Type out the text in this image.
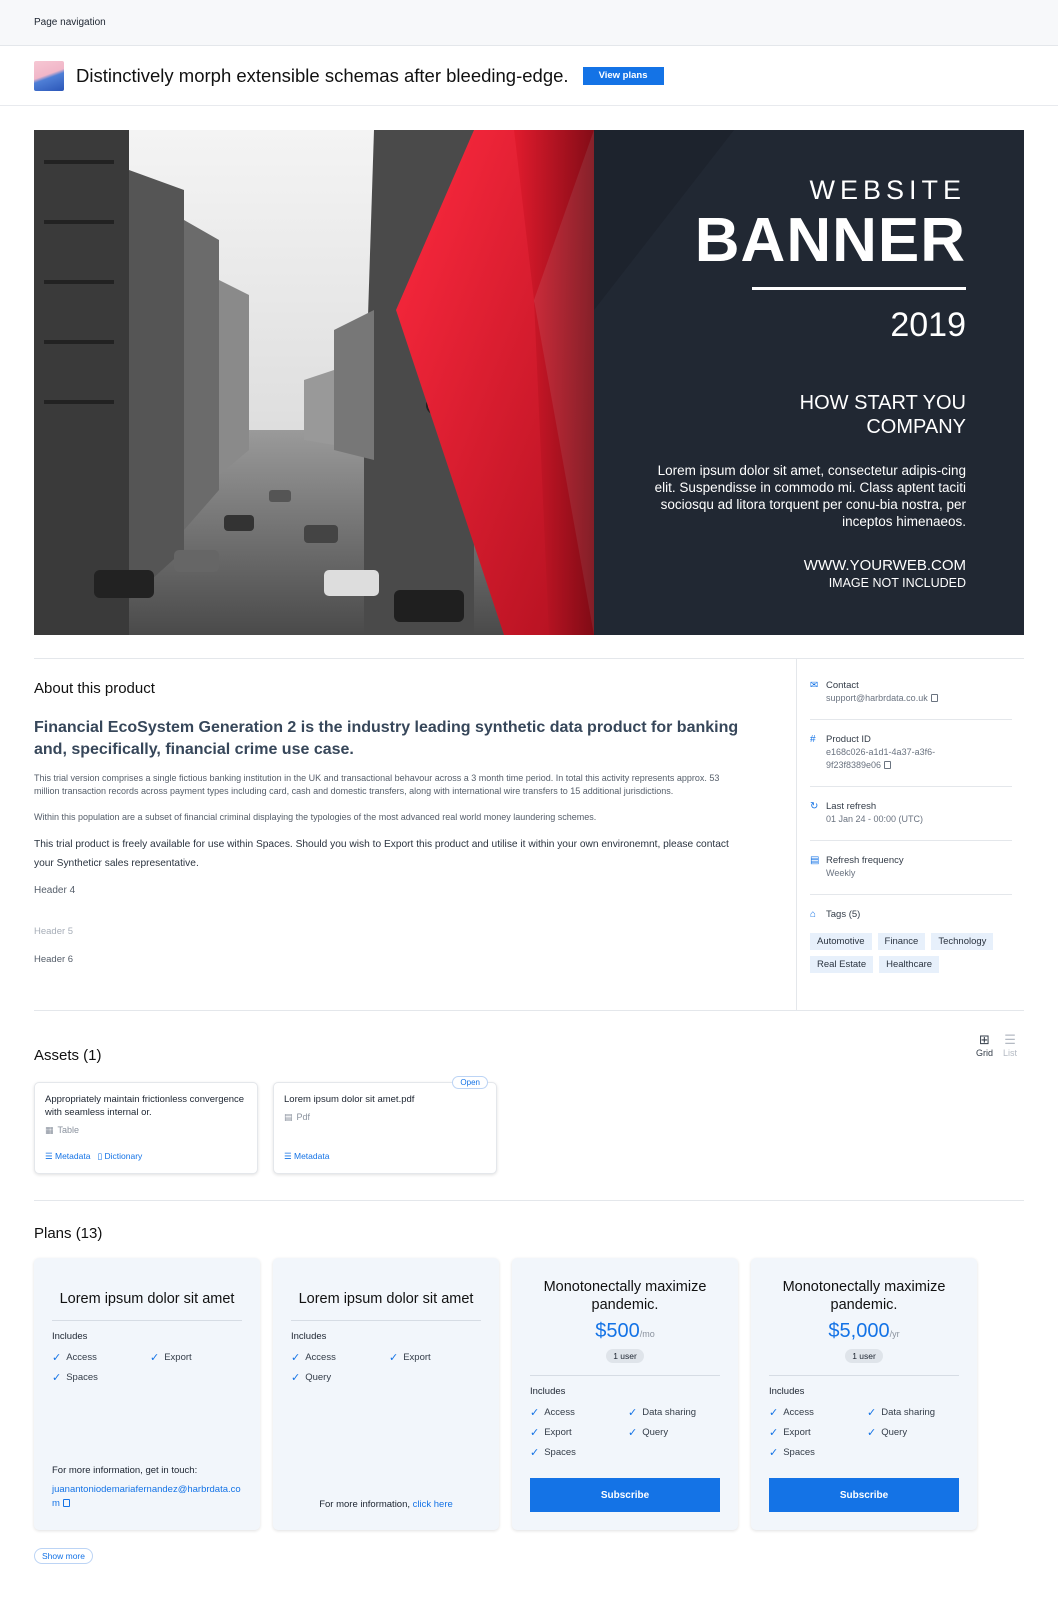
Page navigation
Distinctively morph extensible schemas after bleeding-edge.	View plans
WEBSITE
BANNER
2019
HOW START YOU COMPANY
Lorem ipsum dolor sit amet, consectetur adipis-cing elit. Suspendisse in commodo mi. Class aptent taciti sociosqu ad litora torquent per conu-bia nostra, per inceptos himenaeos.
WWW.YOURWEB.COM
IMAGE NOT INCLUDED
About this product
Financial EcoSystem Generation 2 is the industry leading synthetic data product for banking and, specifically, financial crime use case.
This trial version comprises a single fictious banking institution in the UK and transactional behavour across a 3 month time period. In total this activity represents approx. 53 million transaction records across payment types including card, cash and domestic transfers, along with international wire transfers to 15 additional jurisdictions.
Within this population are a subset of financial criminal displaying the typologies of the most advanced real world money laundering schemes.
This trial product is freely available for use within Spaces. Should you wish to Export this product and utilise it within your own environemnt, please contact your Syntheticr sales representative.
Header 4
Header 5
Header 6
✉ Contact
support@harbrdata.co.uk
#	Product ID
e168c026-a1d1-4a37-a3f6-9f23f8389e06
↻ Last refresh
01 Jan 24 - 00:00 (UTC)
▤ Refresh frequency
Weekly
⌂	Tags (5)
Automotive	Finance	Technology
Real Estate	Healthcare
Assets (1)
⊞
Grid
☰
List
Appropriately maintain frictionless convergence with seamless internal or.
▦ Table
☰ Metadata ▯ Dictionary
Open
Lorem ipsum dolor sit amet.pdf
▤ Pdf
☰ Metadata
Plans (13)
Lorem ipsum dolor sit amet
Includes
✓ Access	✓ Export
✓ Spaces
For more information, get in touch:
juanantoniodemariafernandez@harbrdata.com
Lorem ipsum dolor sit amet
Includes
✓ Access	✓ Export
✓ Query
For more information, click here
Monotonectally maximize pandemic.
$500/mo
1 user
Includes
✓ Access	✓ Data sharing
✓ Export	✓ Query
✓ Spaces
Subscribe
Monotonectally maximize pandemic.
$5,000/yr
1 user
Includes
✓ Access	✓ Data sharing
✓ Export	✓ Query
✓ Spaces
Subscribe
Show more
